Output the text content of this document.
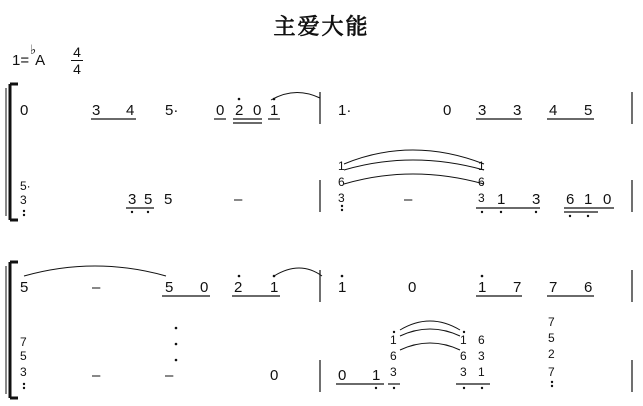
主爱大能
1=
♭
A 4
4
0	3 4 5·	0 2 0 1	1·	0 3 3 4 5
5·
3	3 5 5	–
1
6
3	–
1
6
3 1 3 6 1 0
5	–	5 0 2 1	1	0	1 7 7 6
7
5
3	–	–	0	0 1
1
6
3
1
6
3
6
3
1
7
5
2
7
